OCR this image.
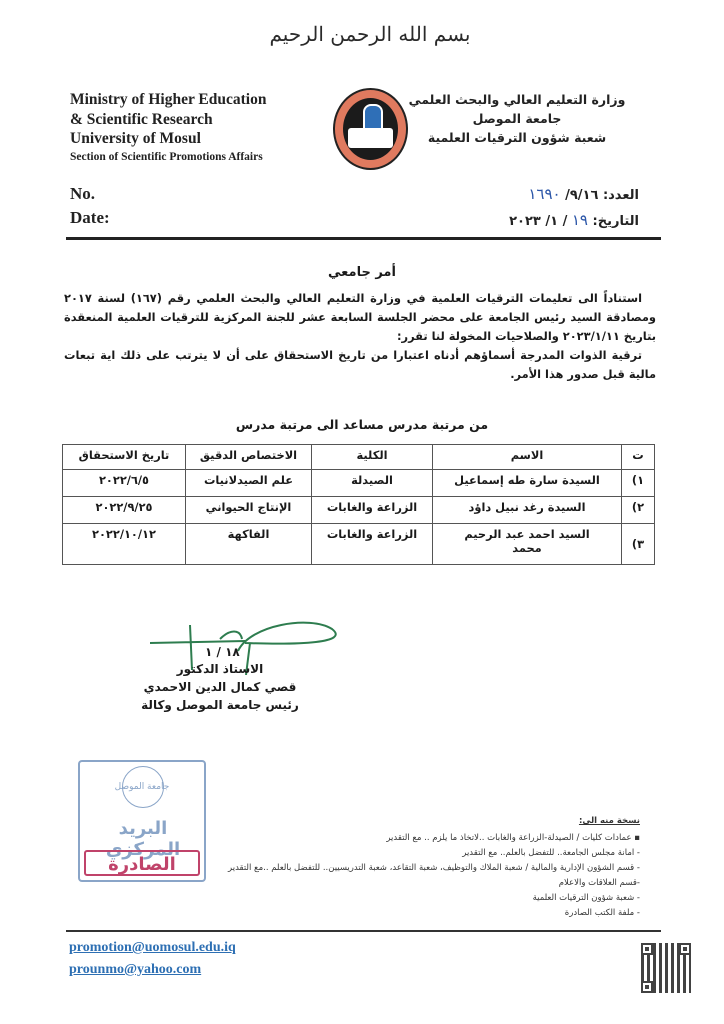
بسم الله الرحمن الرحيم
Ministry of Higher Education
& Scientific Research
University of Mosul
Section of Scientific Promotions Affairs
وزارة التعليم العالي والبحث العلمي
جامعة الموصل
شعبة شؤون الترقيات العلمية
No.
Date:
العدد: ٩/١٦/ ١٦٩٠
التاريخ: ١٩ / ١/ ٢٠٢٣
أمر جامعي

استناداً الى تعليمات الترقيات العلمية في وزارة التعليم العالي والبحث العلمي رقم (١٦٧) لسنة ٢٠١٧ ومصادقة السيد رئيس الجامعة على محضر الجلسة السابعة عشر للجنة المركزية للترقيات العلمية المنعقدة بتاريخ ٢٠٢٣/١/١١ والصلاحيات المخولة لنا تقرر:

ترقية الذوات المدرجة أسماؤهم أدناه اعتبارا من تاريخ الاستحقاق على أن لا يترتب على ذلك اية تبعات مالية قبل صدور هذا الأمر.

من مرتبة مدرس مساعد الى مرتبة مدرس
ت	الاسم	الكلية	الاختصاص الدقيق	تاريخ الاستحقاق
١)	السيدة سارة طه إسماعيل	الصيدلة	علم الصيدلانيات	٢٠٢٢/٦/٥
٢)	السيدة رغد نبيل داؤد	الزراعة والغابات	الإنتاج الحيواني	٢٠٢٢/٩/٢٥
٣)	السيد احمد عبد الرحيم محمد	الزراعة والغابات	الفاكهة	٢٠٢٢/١٠/١٢
١٨ / ١
الاستاذ الدكتور
قصي كمال الدين الاحمدي
رئيس جامعة الموصل وكالة
جامعة الموصل
البريد المركزي
الصادرة
نسخة منه الى:
▪ عمادات كليات / الصيدلة-الزراعة والغابات ..لاتخاذ ما يلزم .. مع التقدير
- امانة مجلس الجامعة.. للتفضل بالعلم.. مع التقدير
- قسم الشؤون الإدارية والمالية / شعبة الملاك والتوظيف، شعبة التقاعد، شعبة التدريسيين.. للتفضل بالعلم ..مع التقدير
-قسم العلاقات والاعلام
- شعبة شؤون الترقيات العلمية
- ملفة الكتب الصادرة
promotion@uomosul.edu.iq
prounmo@yahoo.com
